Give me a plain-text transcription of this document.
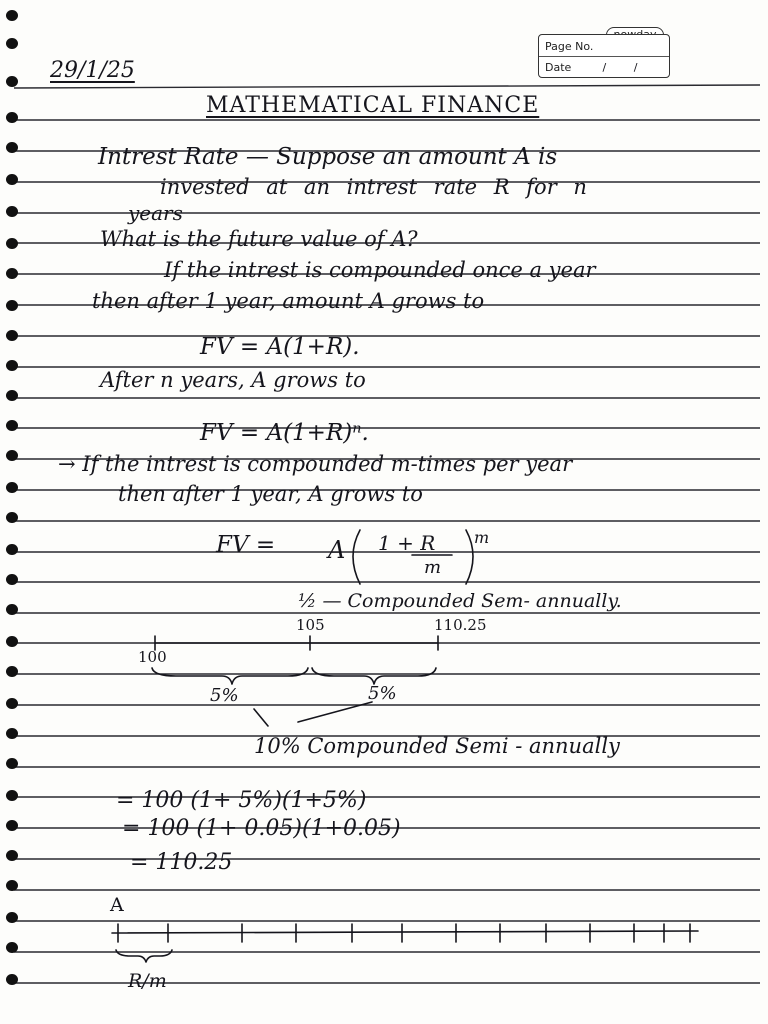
Page No.
Date	/ /
29/1/25
MATHEMATICAL FINANCE
Intrest Rate — Suppose an amount A is
invested at an intrest rate R for n
years
What is the future value of A?
If the intrest is compounded once a year
then after 1 year, amount A grows to
FV = A(1+R).
After n years, A grows to
FV = A(1+R)ⁿ.
→ If the intrest is compounded m-times per year
then after 1 year, A grows to
FV = A 1 + R
m
m
½ — Compounded Sem- annually.
105	110.25
100
5%	5%
10% Compounded Semi - annually
= 100 (1+ 5%)(1+5%)
= 100 (1+ 0.05)(1+0.05)
= 110.25
A
R/m
